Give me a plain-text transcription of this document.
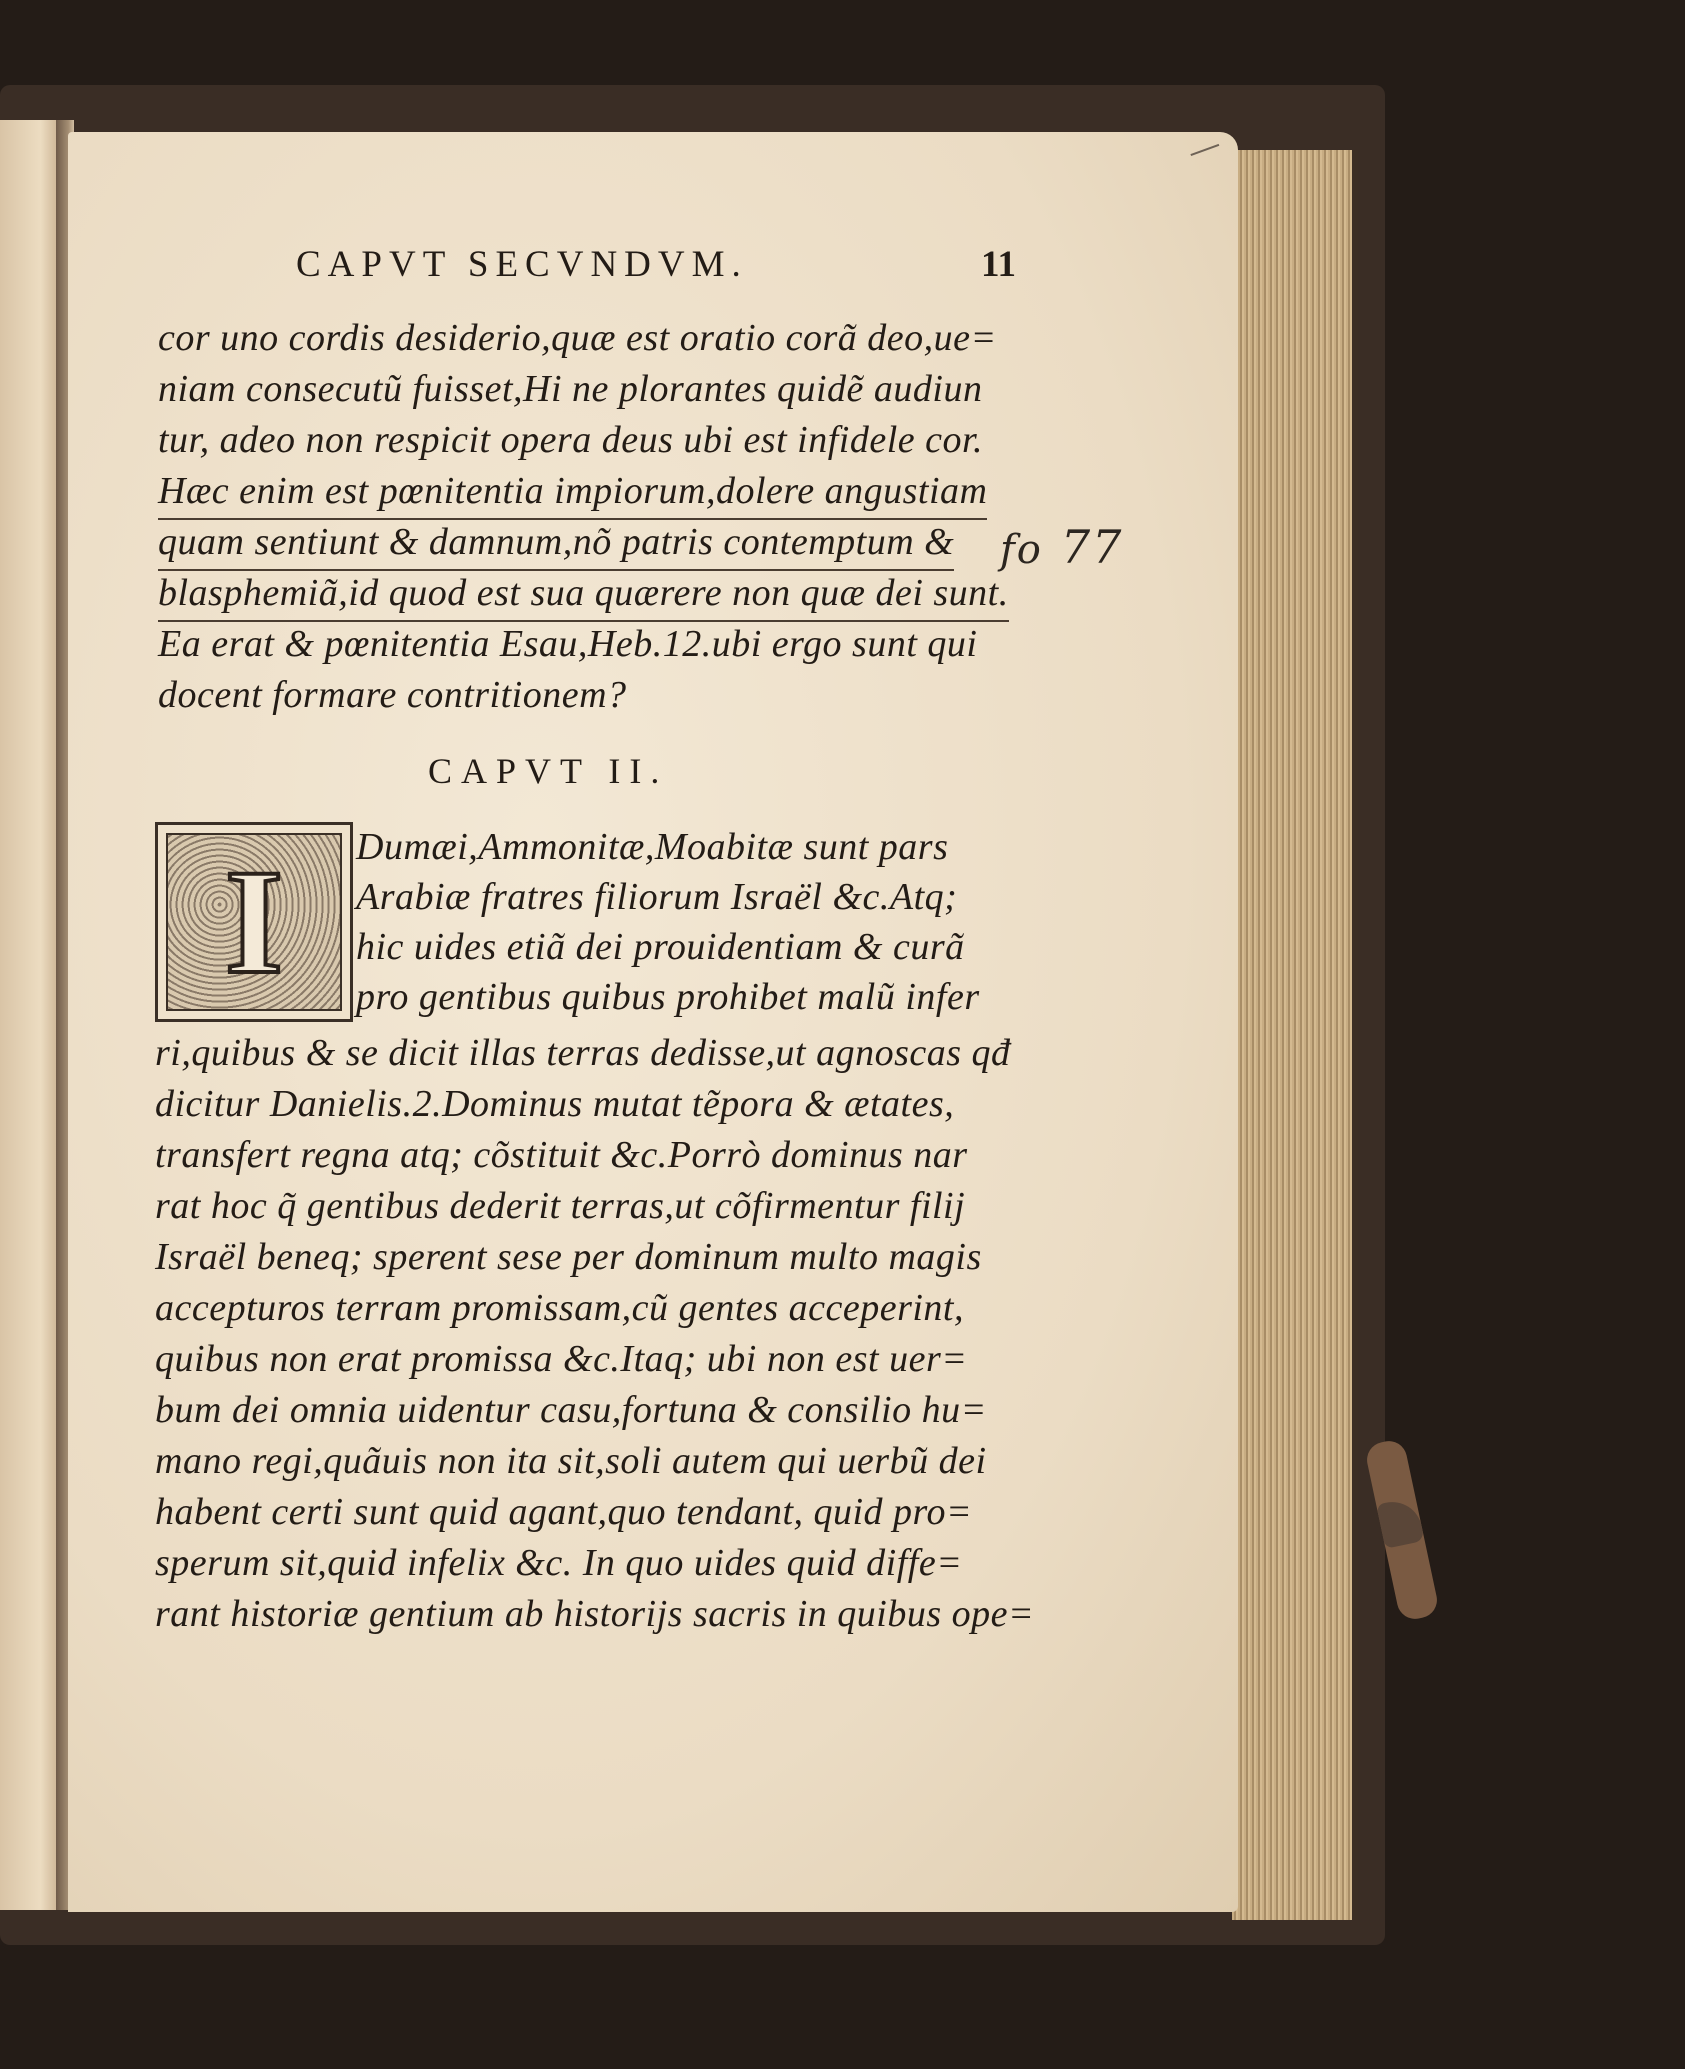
CAPVT SECVNDVM.	11
cor uno cordis desiderio,quæ est oratio corã deo,ue=
niam consecutũ fuisset,Hi ne plorantes quidẽ audiun
tur, adeo non respicit opera deus ubi est infidele cor.
Hæc enim est pœnitentia impiorum,dolere angustiam
quam sentiunt & damnum,nõ patris contemptum &
blasphemiã,id quod est sua quærere non quæ dei sunt.
Ea erat & pœnitentia Esau,Heb.12.ubi ergo sunt qui
docent formare contritionem?
fo 77
CAPVT II.
I Dumæi,Ammonitæ,Moabitæ sunt pars
Arabiæ fratres filiorum Israël &c.Atq;
hic uides etiã dei prouidentiam & curã
pro gentibus quibus prohibet malũ infer
ri,quibus & se dicit illas terras dedisse,ut agnoscas qđ
dicitur Danielis.2.Dominus mutat tẽpora & ætates,
transfert regna atq; cõstituit &c.Porrò dominus nar
rat hoc q̃ gentibus dederit terras,ut cõfirmentur filij
Israël beneq; sperent sese per dominum multo magis
accepturos terram promissam,cũ gentes acceperint,
quibus non erat promissa &c.Itaq; ubi non est uer=
bum dei omnia uidentur casu,fortuna & consilio hu=
mano regi,quãuis non ita sit,soli autem qui uerbũ dei
habent certi sunt quid agant,quo tendant, quid pro=
sperum sit,quid infelix &c. In quo uides quid diffe=
rant historiæ gentium ab historijs sacris in quibus ope=
